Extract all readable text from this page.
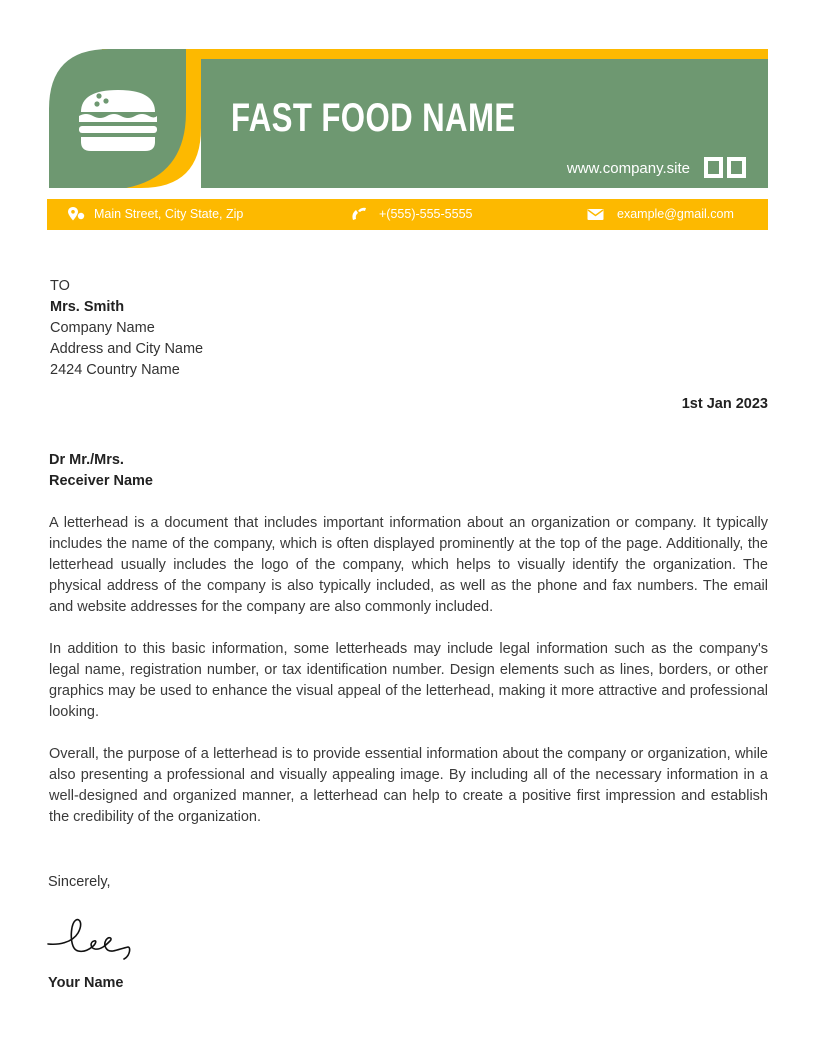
FAST FOOD NAME
www.company.site
Main Street, City State, Zip	+(555)-555-5555	example@gmail.com
TO
Mrs. Smith
Company Name
Address and City Name
2424 Country Name
1st Jan 2023
Dr Mr./Mrs.
Receiver Name

A letterhead is a document that includes important information about an organization or company. It typically includes the name of the company, which is often displayed prominently at the top of the page. Additionally, the letterhead usually includes the logo of the company, which helps to visually identify the organization. The physical address of the company is also typically included, as well as the phone and fax numbers. The email and website addresses for the company are also commonly included.

In addition to this basic information, some letterheads may include legal information such as the company's legal name, registration number, or tax identification number. Design elements such as lines, borders, or other graphics may be used to enhance the visual appeal of the letterhead, making it more attractive and professional looking.

Overall, the purpose of a letterhead is to provide essential information about the company or organization, while also presenting a professional and visually appealing image. By including all of the necessary information in a well-designed and organized manner, a letterhead can help to create a positive first impression and establish the credibility of the organization.

Sincerely,
Your Name
